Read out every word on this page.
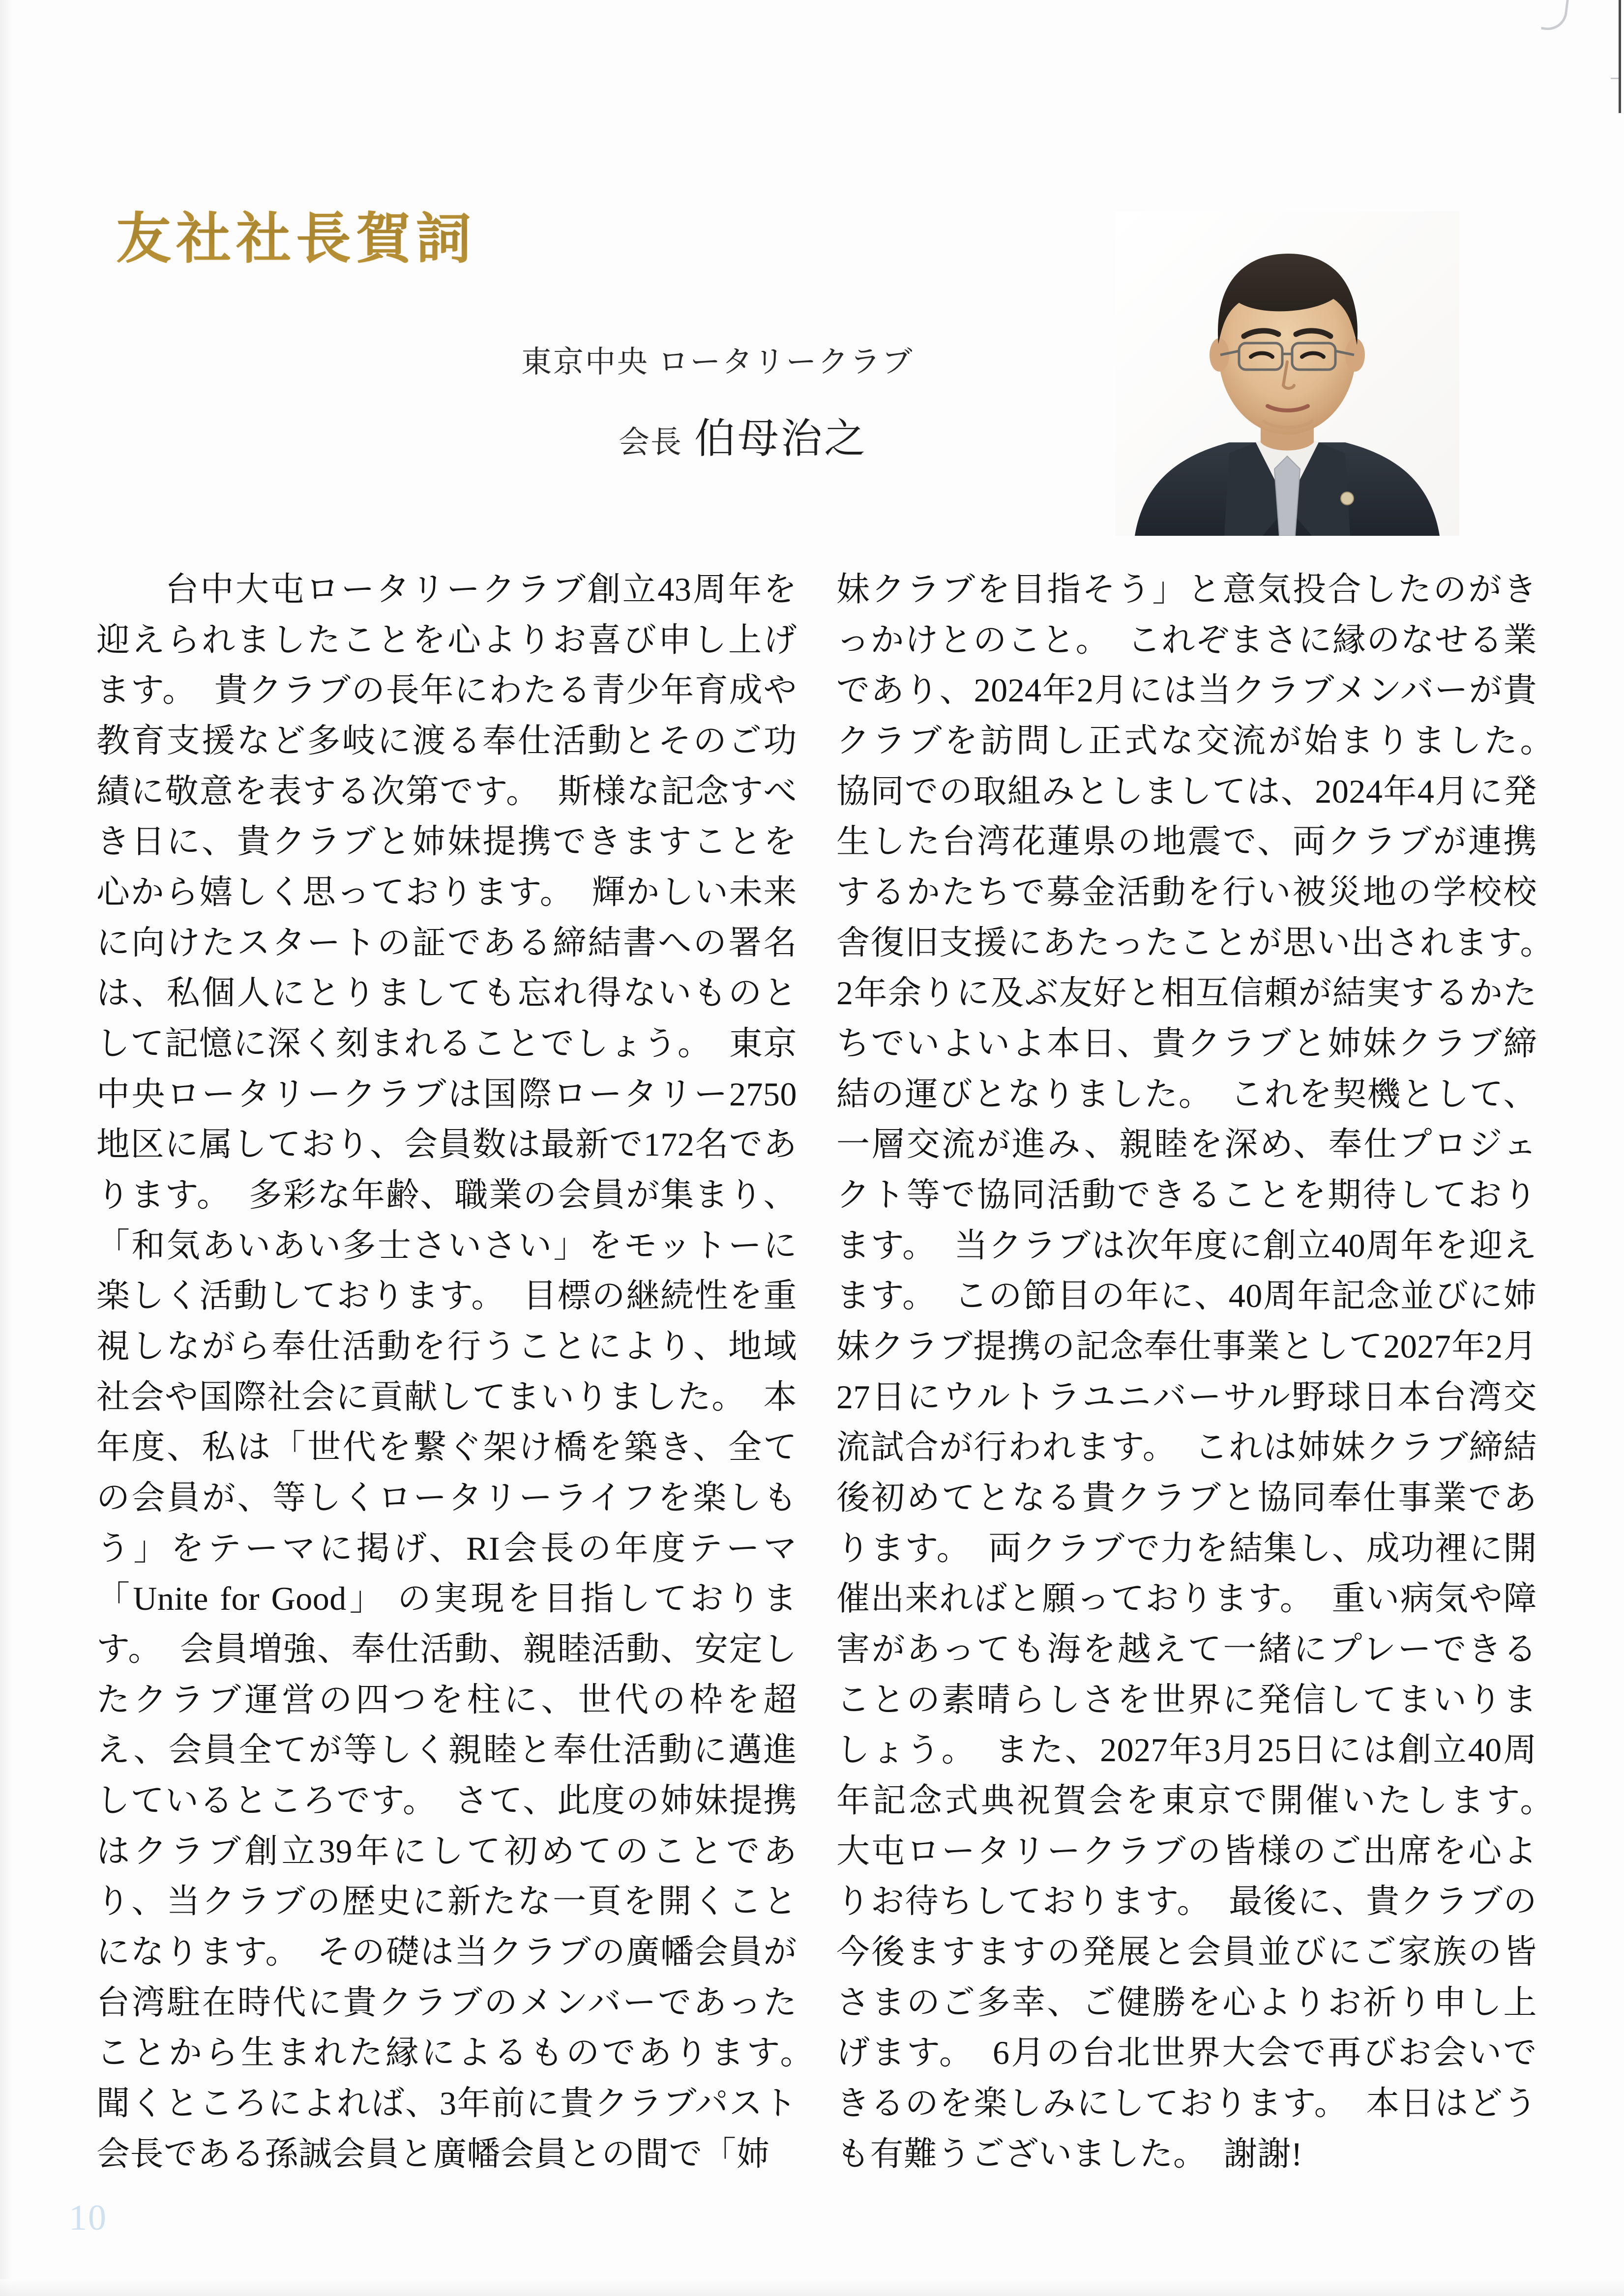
友社社長賀詞
東京中央 ロータリークラブ
会長 伯母治之

台中大屯ロータリークラブ創立43周年を迎えられましたことを心よりお喜び申し上げます。　貴クラブの長年にわたる青少年育成や教育支援など多岐に渡る奉仕活動とそのご功績に敬意を表する次第です。　斯様な記念すべき日に、貴クラブと姉妹提携できますことを心から嬉しく思っております。　輝かしい未来に向けたスタートの証である締結書への署名は、私個人にとりましても忘れ得ないものとして記憶に深く刻まれることでしょう。　東京中央ロータリークラブは国際ロータリー2750地区に属しており、会員数は最新で172名であります。　多彩な年齢、職業の会員が集まり、「和気あいあい多士さいさい」をモットーに楽しく活動しております。　目標の継続性を重視しながら奉仕活動を行うことにより、地域社会や国際社会に貢献してまいりました。　本年度、私は「世代を繋ぐ架け橋を築き、全ての会員が、等しくロータリーライフを楽しもう」をテーマに掲げ、RI会長の年度テーマ 「Unite for Good」 の実現を目指しております。　会員増強、奉仕活動、親睦活動、安定したクラブ運営の四つを柱に、世代の枠を超え、会員全てが等しく親睦と奉仕活動に邁進しているところです。　さて、此度の姉妹提携はクラブ創立39年にして初めてのことであり、当クラブの歴史に新たな一頁を開くことになります。　その礎は当クラブの廣幡会員が台湾駐在時代に貴クラブのメンバーであったことから生まれた縁によるものであります。　聞くところによれば、3年前に貴クラブパスト会長である孫誠会員と廣幡会員との間で「姉

妹クラブを目指そう」と意気投合したのがきっかけとのこと。　これぞまさに縁のなせる業であり、2024年2月には当クラブメンバーが貴クラブを訪問し正式な交流が始まりました。　協同での取組みとしましては、2024年4月に発生した台湾花蓮県の地震で、両クラブが連携するかたちで募金活動を行い被災地の学校校舎復旧支援にあたったことが思い出されます。　2年余りに及ぶ友好と相互信頼が結実するかたちでいよいよ本日、貴クラブと姉妹クラブ締結の運びとなりました。　これを契機として、一層交流が進み、親睦を深め、奉仕プロジェクト等で協同活動できることを期待しております。　当クラブは次年度に創立40周年を迎えます。　この節目の年に、40周年記念並びに姉妹クラブ提携の記念奉仕事業として2027年2月27日にウルトラユニバーサル野球日本台湾交流試合が行われます。　これは姉妹クラブ締結後初めてとなる貴クラブと協同奉仕事業であります。　両クラブで力を結集し、成功裡に開催出来ればと願っております。　重い病気や障害があっても海を越えて一緒にプレーできることの素晴らしさを世界に発信してまいりましょう。　また、2027年3月25日には創立40周年記念式典祝賀会を東京で開催いたします。　大屯ロータリークラブの皆様のご出席を心よりお待ちしております。　最後に、貴クラブの今後ますますの発展と会員並びにご家族の皆さまのご多幸、ご健勝を心よりお祈り申し上げます。　6月の台北世界大会で再びお会いできるのを楽しみにしております。　本日はどうも有難うございました。　謝謝!

10
